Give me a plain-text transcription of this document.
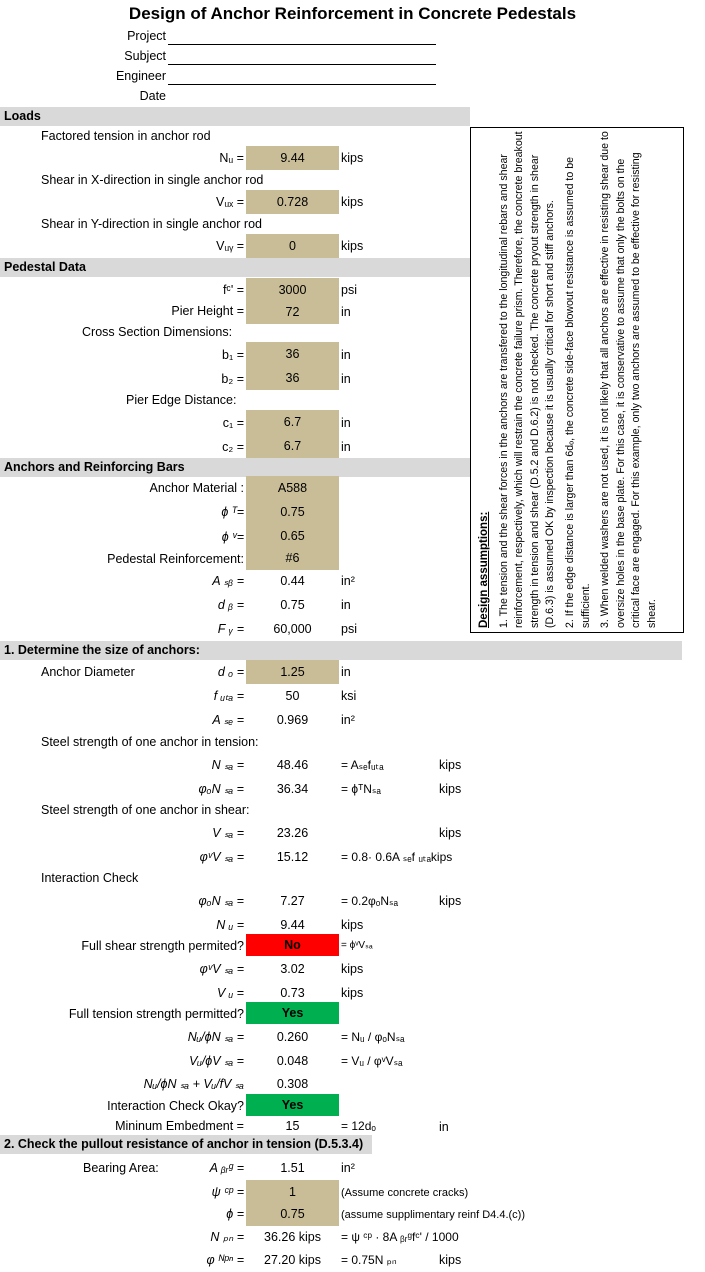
Design of Anchor Reinforcement in Concrete Pedestals
Project
Subject
Engineer
Date
Loads
Factored tension in anchor rod
Nᵤ =	9.44	kips
Shear in X-direction in single anchor rod
Vᵤₓ =	0.728	kips
Shear in Y-direction in single anchor rod
Vᵤᵧ =	0	kips
Pedestal Data
fᶜ' =	3000	psi
Pier Height =	72	in
Cross Section Dimensions:
b₁ =	36	in
b₂ =	36	in
Pier Edge Distance:
c₁ =	6.7	in
c₂ =	6.7	in
Anchors and Reinforcing Bars
Anchor Material :	A588
ϕ ᵀ=	0.75
ϕ ᵛ=	0.65
Pedestal Reinforcement:	#6
A ₛᵦ =	0.44	in²
d ᵦ =	0.75	in
F ᵧ =	60,000	psi
Design assumptions: 1. The tension and the shear forces in the anchors are transfered to the longitudinal rebars and shear reinforcement, respectively, which will restrain the concrete failure prism. Therefore, the concrete breakout strength in tension and shear (D.5.2 and D.6.2) is not checked. The concrete pryout strength in shear (D.6.3) is assumed OK by inspection because it is usually critical for short and stiff anchors. 2. If the edge distance is larger than 6dₒ, the concrete side-face blowout resistance is assumed to be sufficient. 3. When welded washers are not used, it is not likely that all anchors are effective in resisting shear due to oversize holes in the base plate. For this case, it is conservative to assume that only the bolts on the critical face are engaged. For this example, only two anchors are assumed to be effective for resisting shear.

1. Determine the size of anchors:
Anchor Diameter	d ₒ =	1.25	in
f ᵤₜₐ =	50	ksi
A ₛₑ =	0.969	in²
Steel strength of one anchor in tension:
N ₛₐ =	48.46	= Aₛₑfᵤₜₐ	kips
φₒN ₛₐ =	36.34	= ϕᵀNₛₐ	kips
Steel strength of one anchor in shear:
V ₛₐ =	23.26	kips
φᵛV ₛₐ =	15.12	= 0.8· 0.6A ₛₑf ᵤₜₐkips
Interaction Check
φₒN ₛₐ =	7.27	= 0.2φₒNₛₐ	kips
N ᵤ =	9.44	kips
Full shear strength permited?	No	= ϕᵛVₛₐ
φᵛV ₛₐ =	3.02	kips
V ᵤ =	0.73	kips
Full tension strength permitted?	Yes
Nᵤ/ϕN ₛₐ =	0.260	= Nᵤ / φₒNₛₐ
Vᵤ/ϕV ₛₐ =	0.048	= Vᵤ / φᵛVₛₐ
Nᵤ/ϕN ₛₐ + Vᵤ/fV ₛₐ	0.308
Interaction Check Okay?	Yes
Mininum Embedment =	15	= 12dₒ	in
2. Check the pullout resistance of anchor in tension (D.5.3.4)
Bearing Area:	A ᵦᵣᵍ =	1.51	in²
ψ ᶜᵖ =	1	(Assume concrete cracks)
ϕ =	0.75	(assume supplimentary reinf D4.4.(c))
N ₚₙ =	36.26 kips	= ψ ᶜᵖ · 8A ᵦᵣᵍfᶜ' / 1000
φ ᴺᵖⁿ =	27.20 kips	= 0.75N ₚₙ	kips
